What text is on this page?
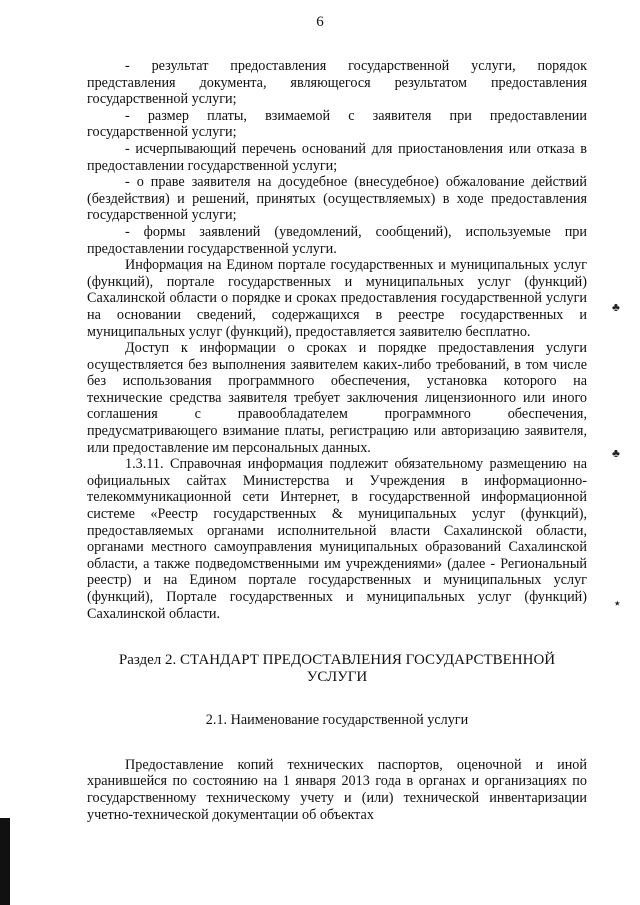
6

- результат предоставления государственной услуги, порядок представления документа, являющегося результатом предоставления государственной услуги;

- размер платы, взимаемой с заявителя при предоставлении государственной услуги;

- исчерпывающий перечень оснований для приостановления или отказа в предоставлении государственной услуги;

- о праве заявителя на досудебное (внесудебное) обжалование действий (бездействия) и решений, принятых (осуществляемых) в ходе предоставления государственной услуги;

- формы заявлений (уведомлений, сообщений), используемые при предоставлении государственной услуги.

Информация на Едином портале государственных и муниципальных услуг (функций), портале государственных и муниципальных услуг (функций) Сахалинской области о порядке и сроках предоставления государственной услуги на основании сведений, содержащихся в реестре государственных и муниципальных услуг (функций), предоставляется заявителю бесплатно.

Доступ к информации о сроках и порядке предоставления услуги осуществляется без выполнения заявителем каких-либо требований, в том числе без использования программного обеспечения, установка которого на технические средства заявителя требует заключения лицензионного или иного соглашения с правообладателем программного обеспечения, предусматривающего взимание платы, регистрацию или авторизацию заявителя, или предоставление им персональных данных.

1.3.11. Справочная информация подлежит обязательному размещению на официальных сайтах Министерства и Учреждения в информационно-телекоммуникационной сети Интернет, в государственной информационной системе «Реестр государственных & муниципальных услуг (функций), предоставляемых органами исполнительной власти Сахалинской области, органами местного самоуправления муниципальных образований Сахалинской области, а также подведомственными им учреждениями» (далее - Региональный реестр) и на Едином портале государственных и муниципальных услуг (функций), Портале государственных и муниципальных услуг (функций) Сахалинской области.

Раздел 2. СТАНДАРТ ПРЕДОСТАВЛЕНИЯ ГОСУДАРСТВЕННОЙ УСЛУГИ
2.1. Наименование государственной услуги

Предоставление копий технических паспортов, оценочной и иной хранившейся по состоянию на 1 января 2013 года в органах и организациях по государственному техническому учету и (или) технической инвентаризации учетно-технической документации об объектах

♣
♣
٭
